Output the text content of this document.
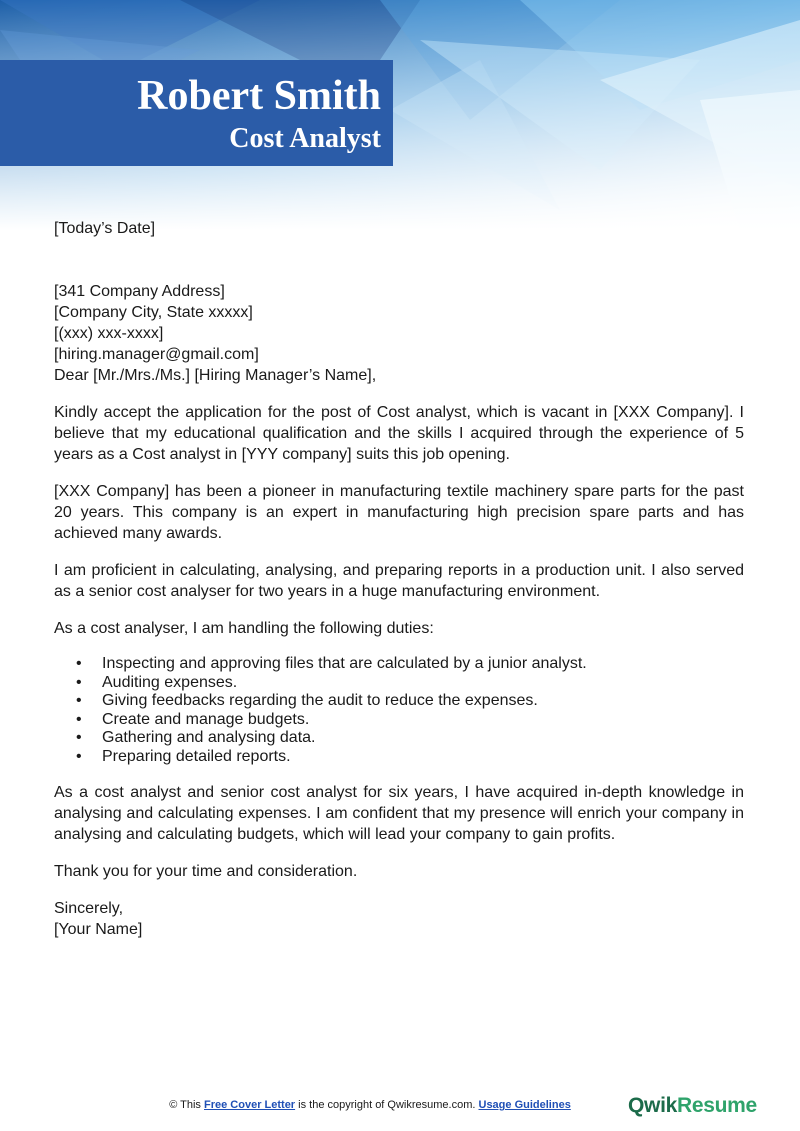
Robert Smith
Cost Analyst

[Today’s Date]

[341 Company Address]

[Company City, State xxxxx]

[(xxx) xxx-xxxx]

[hiring.manager@gmail.com]

Dear [Mr./Mrs./Ms.] [Hiring Manager’s Name],

Kindly accept the application for the post of Cost analyst, which is vacant in [XXX Company]. I believe that my educational qualification and the skills I acquired through the experience of 5 years as a Cost analyst in [YYY company] suits this job opening.

[XXX Company] has been a pioneer in manufacturing textile machinery spare parts for the past 20 years. This company is an expert in manufacturing high precision spare parts and has achieved many awards.

I am proficient in calculating, analysing, and preparing reports in a production unit. I also served as a senior cost analyser for two years in a huge manufacturing environment.

As a cost analyser, I am handling the following duties:

• Inspecting and approving files that are calculated by a junior analyst.
• Auditing expenses.
• Giving feedbacks regarding the audit to reduce the expenses.
• Create and manage budgets.
• Gathering and analysing data.
• Preparing detailed reports.

As a cost analyst and senior cost analyst for six years, I have acquired in-depth knowledge in analysing and calculating expenses. I am confident that my presence will enrich your company in analysing and calculating budgets, which will lead your company to gain profits.

Thank you for your time and consideration.

Sincerely,

[Your Name]

© This Free Cover Letter is the copyright of Qwikresume.com. Usage Guidelines	QwikResume
